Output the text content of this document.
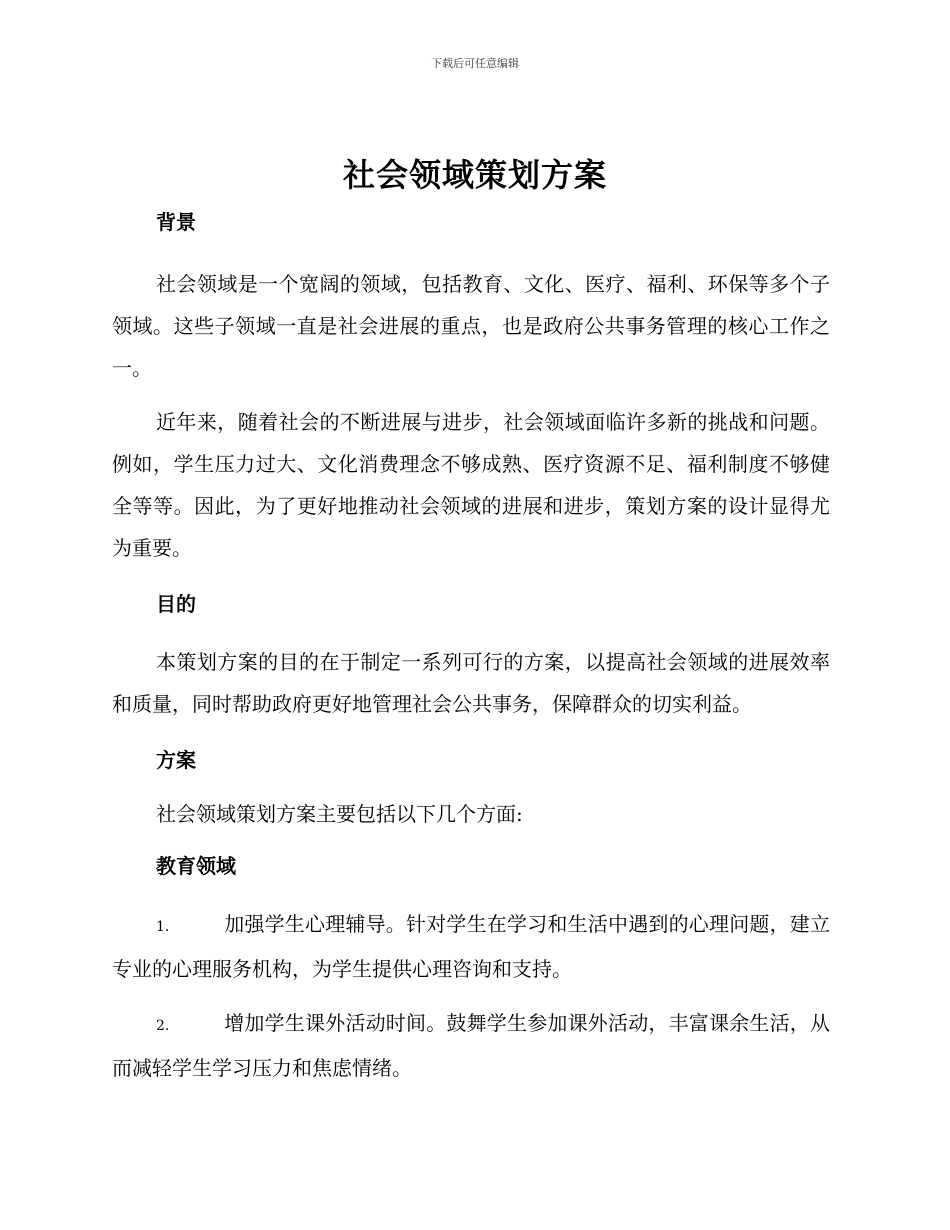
下载后可任意编辑
社会领域策划方案
背景
社会领域是一个宽阔的领域，包括教育、文化、医疗、福利、环保等多个子领域。这些子领域一直是社会进展的重点，也是政府公共事务管理的核心工作之一。
近年来，随着社会的不断进展与进步，社会领域面临许多新的挑战和问题。例如，学生压力过大、文化消费理念不够成熟、医疗资源不足、福利制度不够健全等等。因此，为了更好地推动社会领域的进展和进步，策划方案的设计显得尤为重要。
目的
本策划方案的目的在于制定一系列可行的方案，以提高社会领域的进展效率和质量，同时帮助政府更好地管理社会公共事务，保障群众的切实利益。
方案
社会领域策划方案主要包括以下几个方面:
教育领域
1.	加强学生心理辅导。针对学生在学习和生活中遇到的心理问题，建立专业的心理服务机构，为学生提供心理咨询和支持。
2.	增加学生课外活动时间。鼓舞学生参加课外活动，丰富课余生活，从而减轻学生学习压力和焦虑情绪。
